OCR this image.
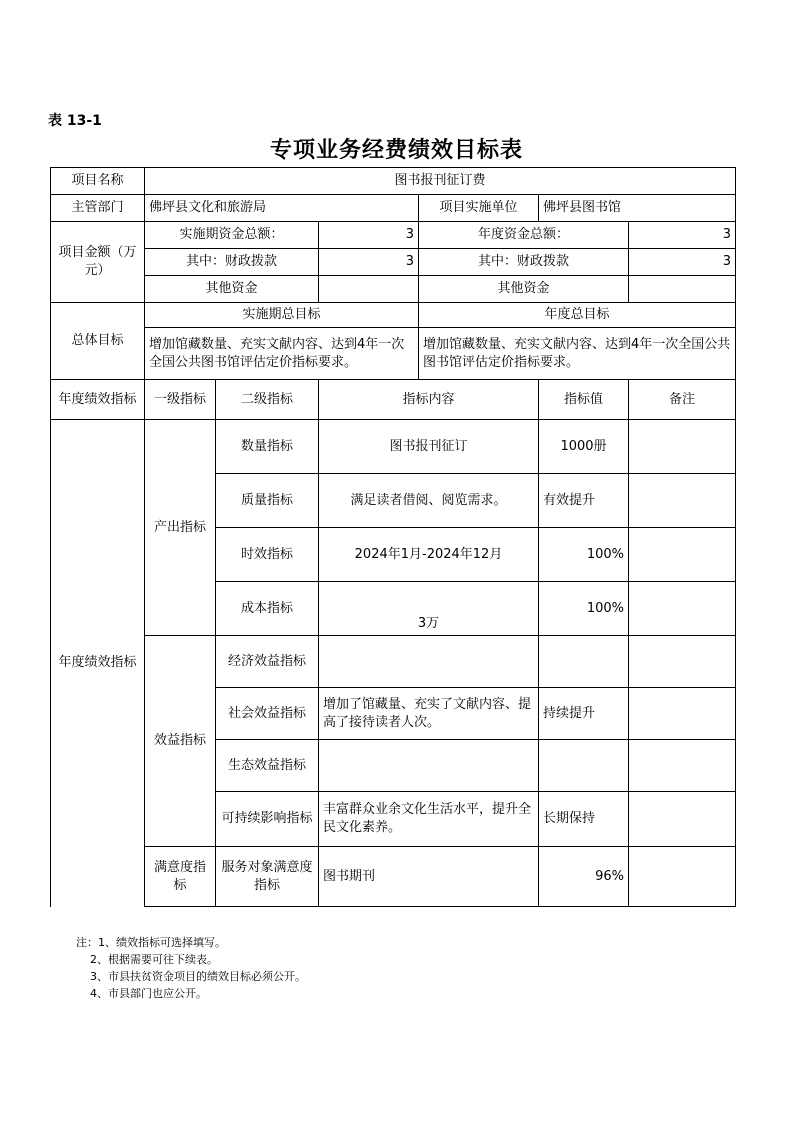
表 13-1
专项业务经费绩效目标表
项目名称	图书报刊征订费					
主管部门	佛坪县文化和旅游局			项目实施单位	佛坪县图书馆	
项目金额（万元）	实施期资金总额：		3	年度资金总额：		3
	其中：财政拨款		3	其中：财政拨款		3
	其他资金			其他资金		
总体目标	实施期总目标			年度总目标		
	增加馆藏数量、充实文献内容、达到4年一次全国公共图书馆评估定价指标要求。			增加馆藏数量、充实文献内容、达到4年一次全国公共图书馆评估定价指标要求。		
年度绩效指标	一级指标	二级指标	指标内容		指标值	备注
年度绩效指标	产出指标	数量指标	图书报刊征订		1000册	
		质量指标	满足读者借阅、阅览需求。		有效提升	
		时效指标	2024年1月-2024年12月		100%	
		成本指标	3万		100%	
	效益指标	经济效益指标				
		社会效益指标	增加了馆藏量、充实了文献内容、提高了接待读者人次。		持续提升	
		生态效益指标				
		可持续影响指标	丰富群众业余文化生活水平，提升全民文化素养。		长期保持	
	满意度指标	服务对象满意度指标	图书期刊		96%	
注：1、绩效指标可选择填写。
2、根据需要可往下续表。
3、市县扶贫资金项目的绩效目标必须公开。
4、市县部门也应公开。
